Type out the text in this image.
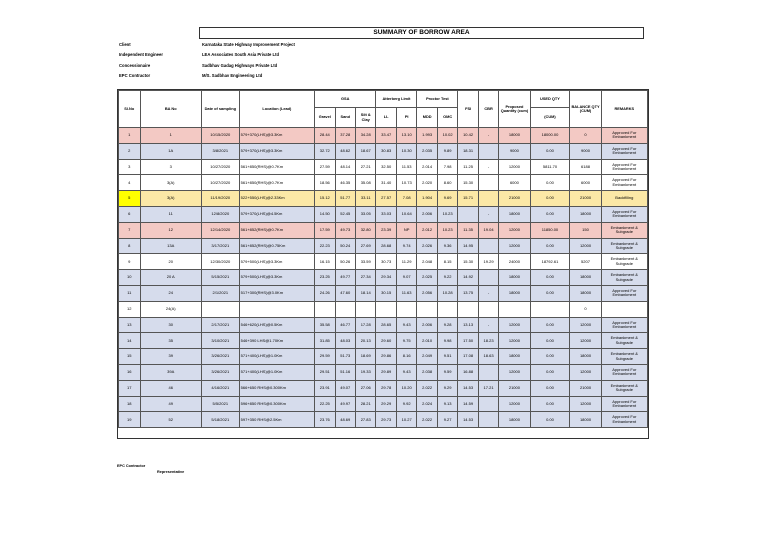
SUMMARY OF BORROW AREA
Client	Karnataka State Highway Improvement Project
Independent Engineer	LEA Associates South Asia Private Ltd
Concessionaire	Sadbhav Gadag Highways Private Ltd
EPC Contractor	M/S. Sadbhav Engineering Ltd
Sl.No	BA No	Date of sampling	Location (Lead)	GSA			Atterberg Limit		Proctor Test		FSI	CBR	Proposed Quantity (cum)	USED QTY	BALANCE QTY (CUM)	REMARKS
				Gravel	Sand	Silt & Clay	LL	PI	MDD	OMC				(CUM)		
1	1	10/15/2020	579+370(LHS)@3.3Km	28.44	37.28	34.28	33.47	13.10	1.993	10.02	10.42	-	18000	18000.00	0	Approved For Embankment
2	1A	3/8/2021	579+370(LHS)@3.3Km	32.72	48.62	18.67	30.83	10.30	2.035	9.89	18.31		9000	0.00	9000	Approved For Embankment
3	3	10/27/2020	561+850(RHS)@0.7Km	27.59	48.14	27.21	32.50	11.53	2.014	7.98	11.25	-	12000	5811.70	6188	Approved For Embankment
4	3(A)	10/27/2020	561+850(RHS)@0.7Km	18.56	46.35	35.08	31.40	10.73	2.020	8.60	15.30		6000	0.00	6000	Approved For Embankment
5	3(A)	11/19/2020	522+550(LHS)@2.33Km	15.12	51.77	33.11	27.57	7.08	1.904	9.69	15.71		21000	0.00	21000	Backfilling
6	11	12/8/2020	579+370(LHS)@4.5Km	14.50	52.45	33.05	33.03	10.64	2.006	10.23		-	18000	0.00	18000	Approved For Embankment
7	12	12/14/2020	561+852(RHS)@0.7Km	17.59	49.73	32.80	23.39	NP	2.012	10.23	11.35	19.04	12000	11850.00	150	Embankment & Subgrade
8	13A	3/17/2021	561+852(RHS)@0.75Km	22.23	50.24	27.69	28.68	9.74	2.026	9.36	14.95		12000	0.00	12000	Embankment & Subgrade
9	20	12/30/2020	579+500(LHS)@3.3Km	16.15	50.26	33.59	30.73	11.29	2.048	8.15	15.30	19.29	24000	18792.61	5207	Embankment & Subgrade
10	20 A	5/15/2021	579+500(LHS)@3.3Km	23.25	49.77	27.34	29.34	9.07	2.025	9.22	14.92		18000	0.00	18000	Embankment & Subgrade
11	24	2/1/2021	517+300(RHS)@3.0Km	24.26	47.60	18.14	30.15	11.63	2.056	10.28	13.75	-	18000	0.00	18000	Approved For Embankment
12	24(A)														0	
13	30	2/17/2021	546+620(LHS)@0.5Km	35.58	46.77	17.28	28.65	9.43	2.006	9.28	13.13	-	12000	0.00	12000	Approved For Embankment
14	35	3/10/2021	546+390 LHS@1.70Km	31.85	48.03	20.13	29.60	9.75	2.010	9.98	17.50	18.23	12000	0.00	12000	Embankment & Subgrade
15	39	3/26/2021	571+400(LHS)@1.0Km	29.59	51.73	18.69	29.86	8.16	2.049	9.51	17.08	18.63	18000	0.00	18000	Embankment & Subgrade
16	39A	3/26/2021	571+400(LHS)@1.0Km	29.51	51.16	19.33	29.89	9.43	2.038	9.59	16.88		12000	0.00	12000	Approved For Embankment
17	46	4/16/2021	566+650 RHS@0.300Km	23.91	49.07	27.06	29.78	10.20	2.022	9.29	14.53	17.21	21000	0.00	21000	Embankment & Subgrade
18	49	5/5/2021	596+850 RHS@0.300Km	22.25	49.97	28.21	29.29	9.92	2.024	9.13	14.59		12000	0.00	12000	Approved For Embankment
19	52	5/18/2021	597+350 RHS@2.5Km	23.76	48.69	27.83	29.73	10.27	2.022	9.27	14.53		18000	0.00	18000	Approved For Embankment
EPC Contractor
Representative
